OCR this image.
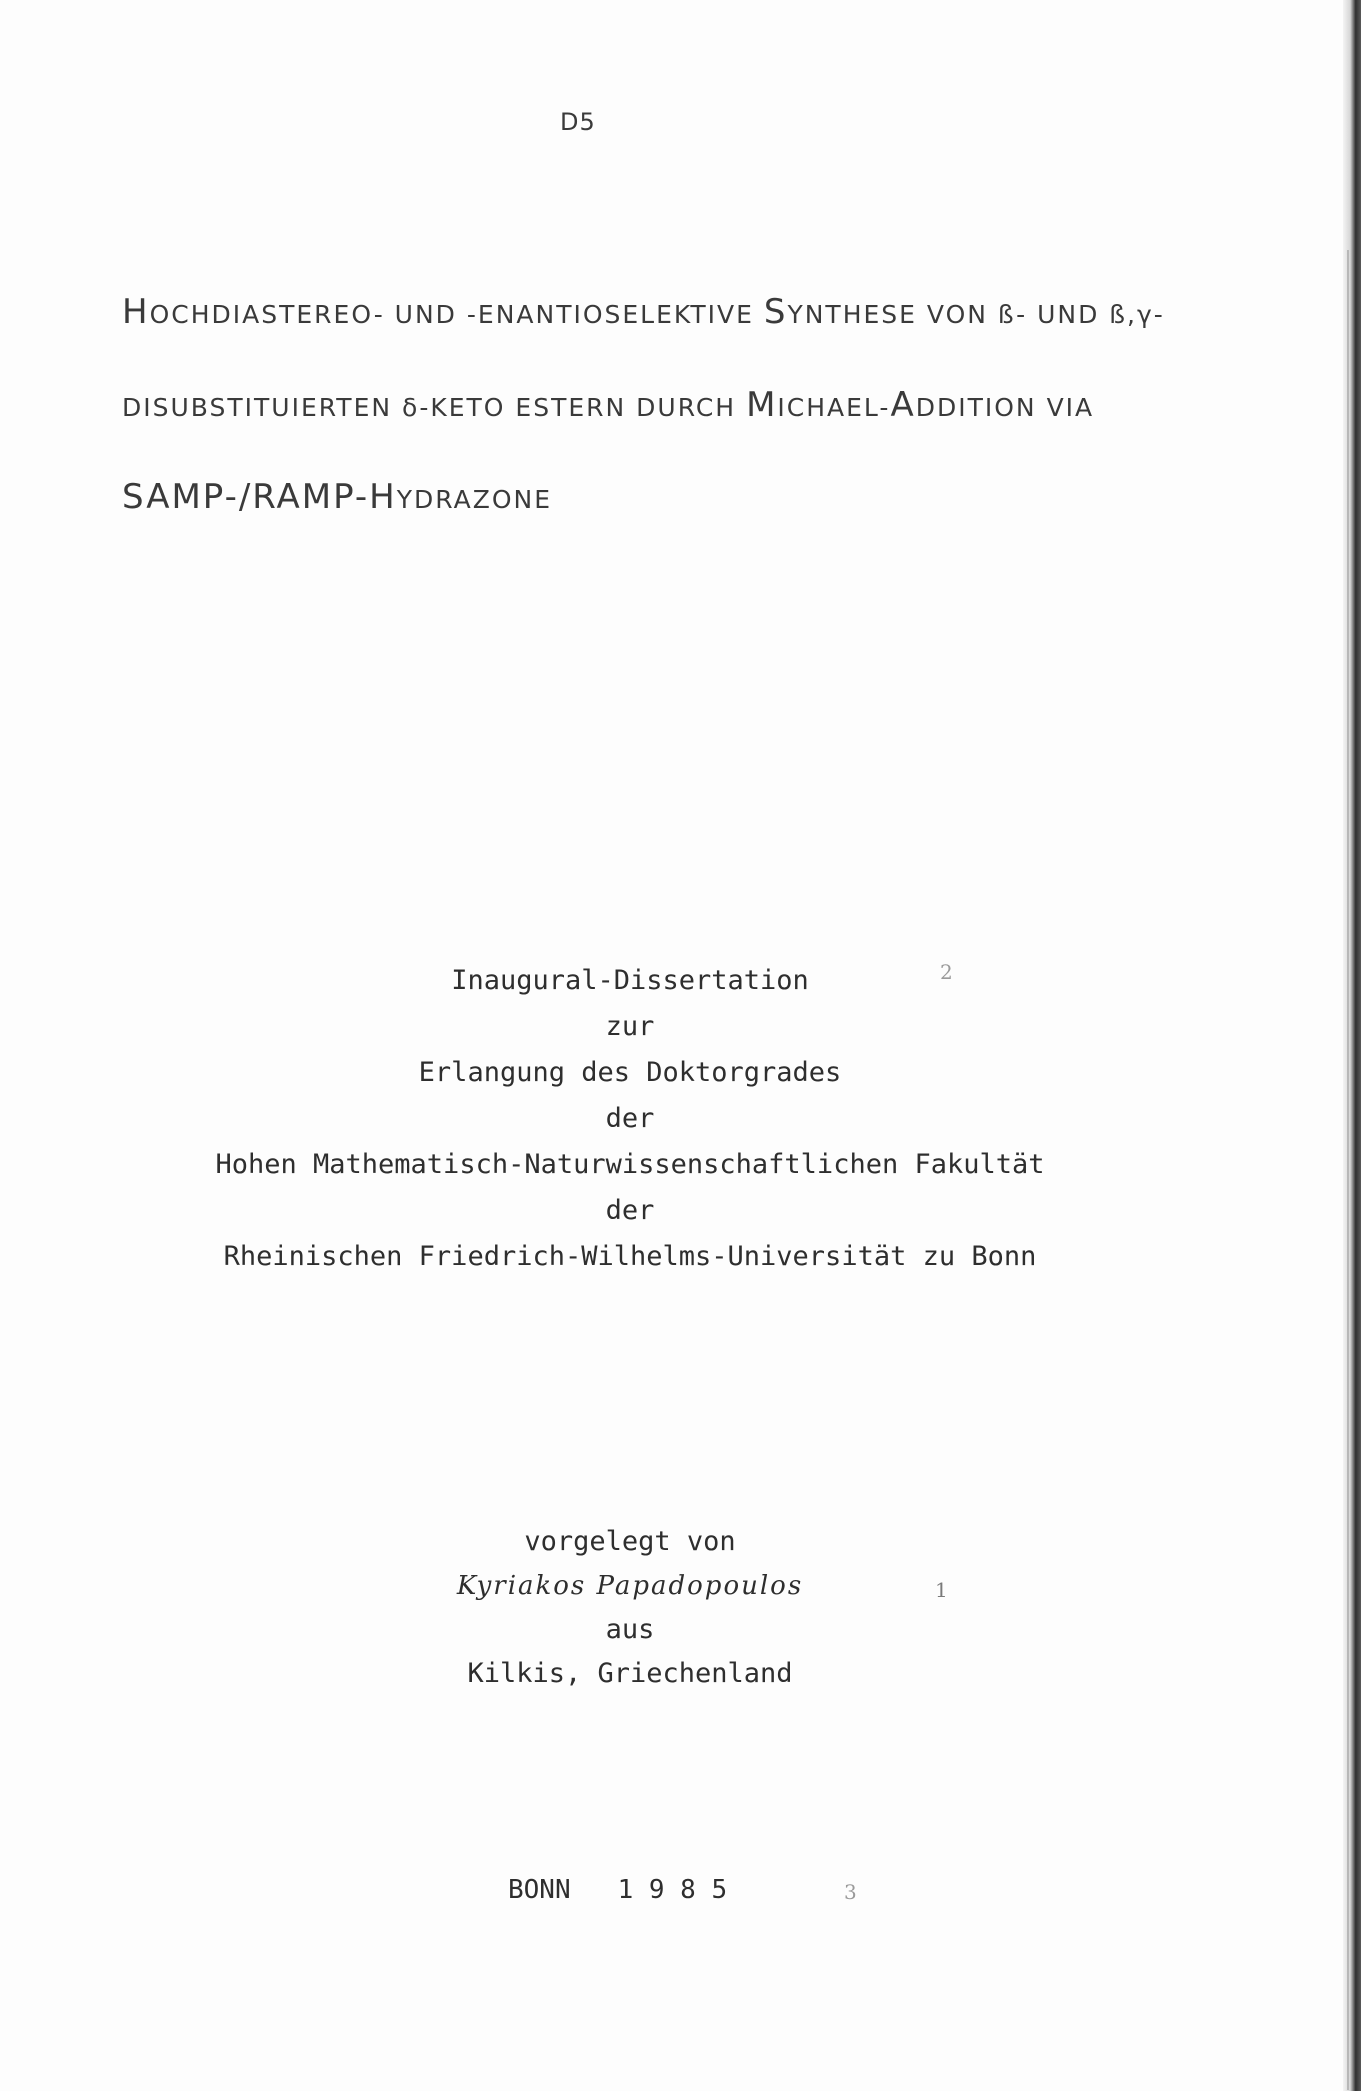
D5
HOCHDIASTEREO- UND -ENANTIOSELEKTIVE SYNTHESE VON ß- UND ß,γ-
DISUBSTITUIERTEN δ-KETO ESTERN DURCH MICHAEL-ADDITION VIA
SAMP-/RAMP-HYDRAZONE
Inaugural-Dissertation
zur
Erlangung des Doktorgrades
der
Hohen Mathematisch-Naturwissenschaftlichen Fakultät
der
Rheinischen Friedrich-Wilhelms-Universität zu Bonn
vorgelegt von
Kyriakos Papadopoulos
aus
Kilkis, Griechenland
BONN   1 9 8 5
2
1
3
